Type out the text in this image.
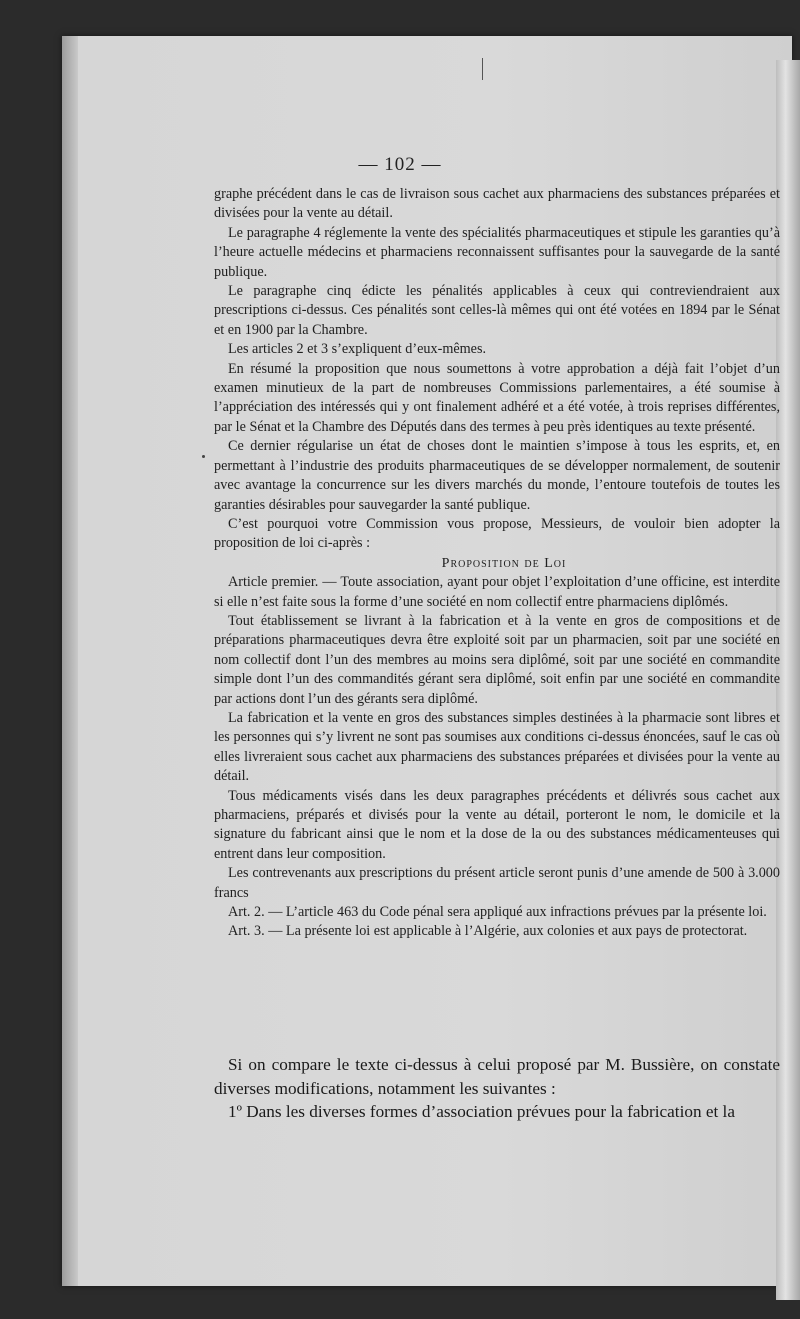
— 102 —

graphe précédent dans le cas de livraison sous cachet aux pharmaciens des substances préparées et divisées pour la vente au détail.

Le paragraphe 4 réglemente la vente des spécialités pharmaceutiques et stipule les garanties qu’à l’heure actuelle médecins et pharmaciens reconnaissent suffisantes pour la sauvegarde de la santé publique.

Le paragraphe cinq édicte les pénalités applicables à ceux qui contreviendraient aux prescriptions ci-dessus. Ces pénalités sont celles-là mêmes qui ont été votées en 1894 par le Sénat et en 1900 par la Chambre.

Les articles 2 et 3 s’expliquent d’eux-mêmes.

En résumé la proposition que nous soumettons à votre approbation a déjà fait l’objet d’un examen minutieux de la part de nombreuses Commissions parlementaires, a été soumise à l’appréciation des intéressés qui y ont finalement adhéré et a été votée, à trois reprises différentes, par le Sénat et la Chambre des Députés dans des termes à peu près identiques au texte présenté.

Ce dernier régularise un état de choses dont le maintien s’impose à tous les esprits, et, en permettant à l’industrie des produits pharmaceutiques de se développer normalement, de soutenir avec avantage la concurrence sur les divers marchés du monde, l’entoure toutefois de toutes les garanties désirables pour sauvegarder la santé publique.

C’est pourquoi votre Commission vous propose, Messieurs, de vouloir bien adopter la proposition de loi ci-après :

Proposition de Loi

Article premier. — Toute association, ayant pour objet l’exploitation d’une officine, est interdite si elle n’est faite sous la forme d’une société en nom collectif entre pharmaciens diplômés.

Tout établissement se livrant à la fabrication et à la vente en gros de compositions et de préparations pharmaceutiques devra être exploité soit par un pharmacien, soit par une société en nom collectif dont l’un des membres au moins sera diplômé, soit par une société en commandite simple dont l’un des commandités gérant sera diplômé, soit enfin par une société en commandite par actions dont l’un des gérants sera diplômé.

La fabrication et la vente en gros des substances simples destinées à la pharmacie sont libres et les personnes qui s’y livrent ne sont pas soumises aux conditions ci-dessus énoncées, sauf le cas où elles livreraient sous cachet aux pharmaciens des substances préparées et divisées pour la vente au détail.

Tous médicaments visés dans les deux paragraphes précédents et délivrés sous cachet aux pharmaciens, préparés et divisés pour la vente au détail, porteront le nom, le domicile et la signature du fabricant ainsi que le nom et la dose de la ou des substances médicamenteuses qui entrent dans leur composition.

Les contrevenants aux prescriptions du présent article seront punis d’une amende de 500 à 3.000 francs

Art. 2. — L’article 463 du Code pénal sera appliqué aux infractions prévues par la présente loi.

Art. 3. — La présente loi est applicable à l’Algérie, aux colonies et aux pays de protectorat.

Si on compare le texte ci-dessus à celui proposé par M. Bussière, on constate diverses modifications, notamment les suivantes :

1º Dans les diverses formes d’association prévues pour la fabrication et la
